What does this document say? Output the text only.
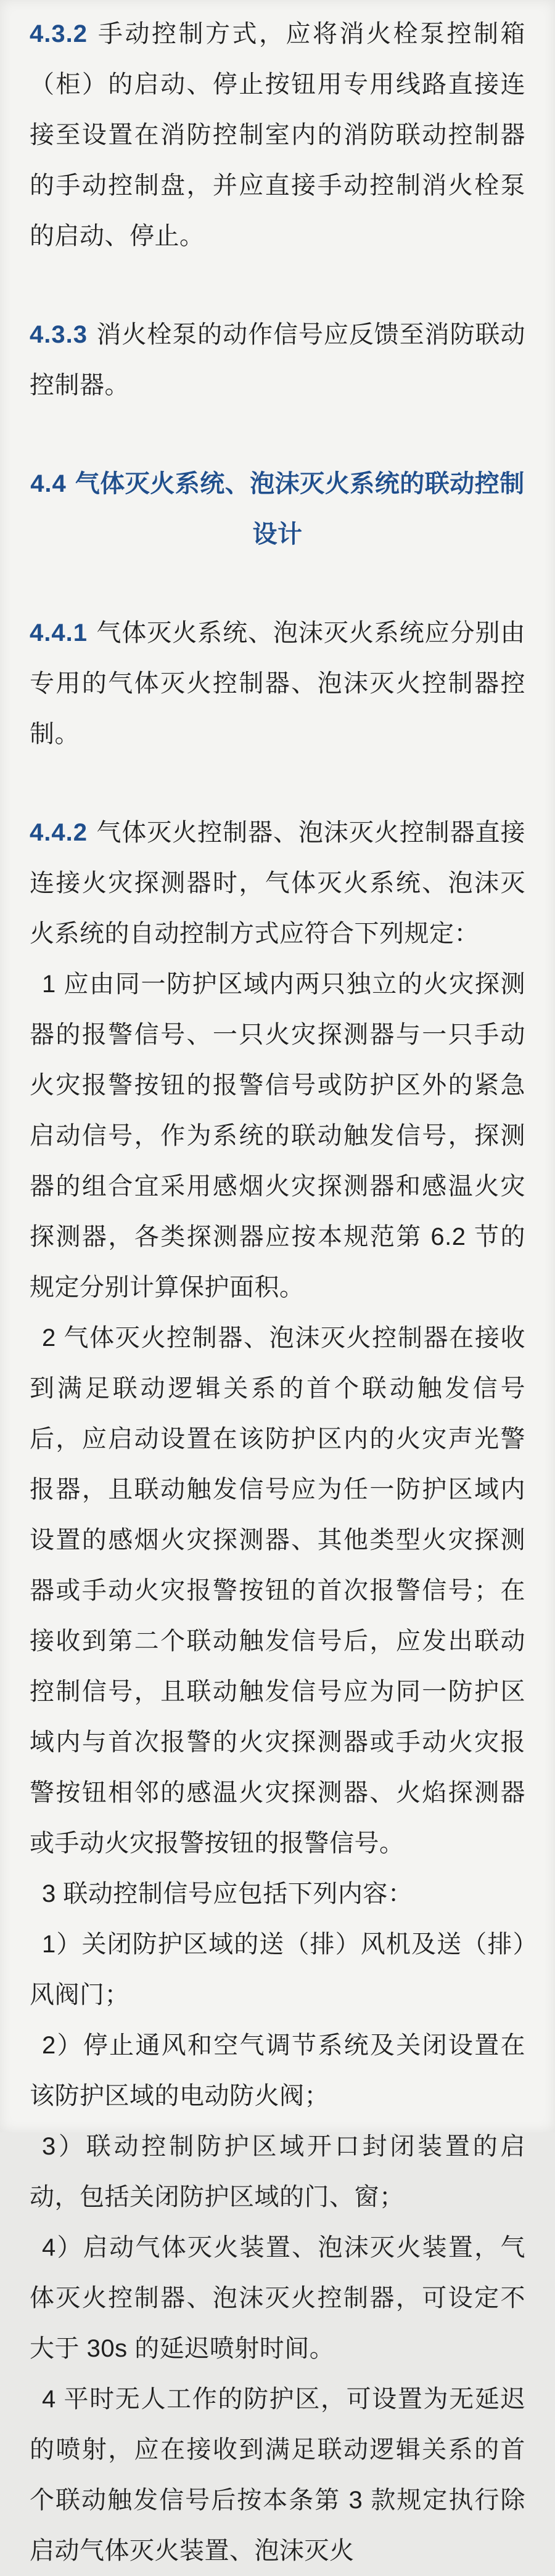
4.3.2 手动控制方式，应将消火栓泵控制箱（柜）的启动、停止按钮用专用线路直接连接至设置在消防控制室内的消防联动控制器的手动控制盘，并应直接手动控制消火栓泵的启动、停止。

4.3.3 消火栓泵的动作信号应反馈至消防联动控制器。

4.4 气体灭火系统、泡沫灭火系统的联动控制设计

4.4.1 气体灭火系统、泡沫灭火系统应分别由专用的气体灭火控制器、泡沫灭火控制器控制。

4.4.2 气体灭火控制器、泡沫灭火控制器直接连接火灾探测器时，气体灭火系统、泡沫灭火系统的自动控制方式应符合下列规定：

1 应由同一防护区域内两只独立的火灾探测器的报警信号、一只火灾探测器与一只手动火灾报警按钮的报警信号或防护区外的紧急启动信号，作为系统的联动触发信号，探测器的组合宜采用感烟火灾探测器和感温火灾探测器，各类探测器应按本规范第 6.2 节的规定分别计算保护面积。

2 气体灭火控制器、泡沫灭火控制器在接收到满足联动逻辑关系的首个联动触发信号后，应启动设置在该防护区内的火灾声光警报器，且联动触发信号应为任一防护区域内设置的感烟火灾探测器、其他类型火灾探测器或手动火灾报警按钮的首次报警信号；在接收到第二个联动触发信号后，应发出联动控制信号，且联动触发信号应为同一防护区域内与首次报警的火灾探测器或手动火灾报警按钮相邻的感温火灾探测器、火焰探测器或手动火灾报警按钮的报警信号。

3 联动控制信号应包括下列内容：

1）关闭防护区域的送（排）风机及送（排）风阀门；

2）停止通风和空气调节系统及关闭设置在该防护区域的电动防火阀；

3）联动控制防护区域开口封闭装置的启动，包括关闭防护区域的门、窗；

4）启动气体灭火装置、泡沫灭火装置，气体灭火控制器、泡沫灭火控制器，可设定不大于 30s 的延迟喷射时间。

4 平时无人工作的防护区，可设置为无延迟的喷射，应在接收到满足联动逻辑关系的首个联动触发信号后按本条第 3 款规定执行除启动气体灭火装置、泡沫灭火
